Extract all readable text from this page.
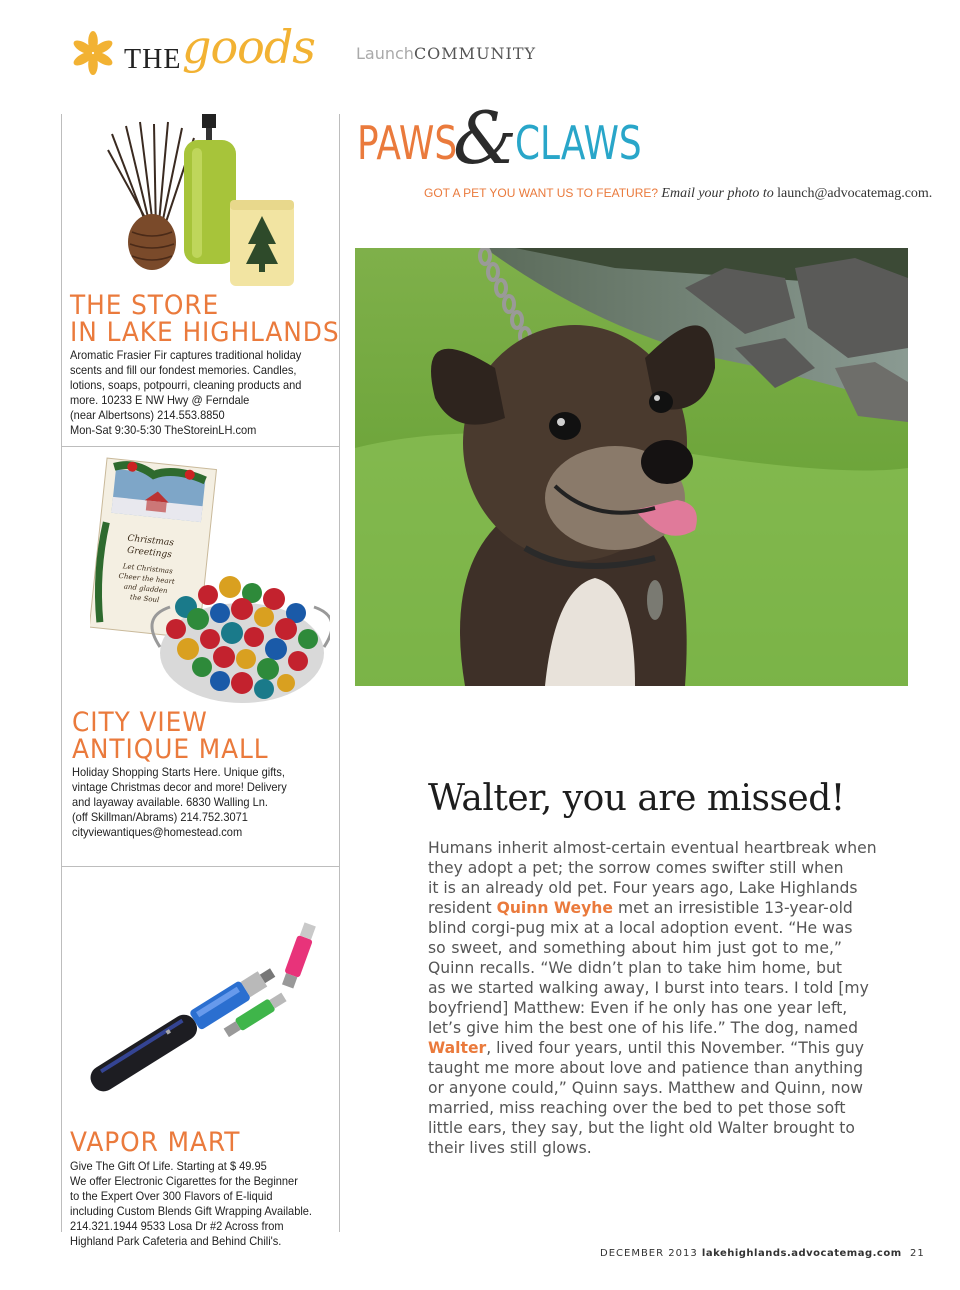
THE goods	LaunchCOMMUNITY
THE STORE
IN LAKE HIGHLANDS
Aromatic Frasier Fir captures traditional holiday
scents and fill our fondest memories. Candles,
lotions, soaps, potpourri, cleaning products and
more. 10233 E NW Hwy @ Ferndale
(near Albertsons) 214.553.8850
Mon-Sat 9:30-5:30 TheStoreinLH.com
Christmas
Greetings
Let Christmas
Cheer the heart
and gladden
the Soul
CITY VIEW
ANTIQUE MALL
Holiday Shopping Starts Here. Unique gifts,
vintage Christmas decor and more! Delivery
and layaway available. 6830 Walling Ln.
(off Skillman/Abrams) 214.752.3071
cityviewantiques@homestead.com
VAPOR MART
Give The Gift Of Life. Starting at $ 49.95
We offer Electronic Cigarettes for the Beginner
to the Expert Over 300 Flavors of E-liquid
including Custom Blends Gift Wrapping Available.
214.321.1944 9533 Losa Dr #2 Across from
Highland Park Cafeteria and Behind Chili's.
PAWS
&
CLAWS
GOT A PET YOU WANT US TO FEATURE? Email your photo to launch@advocatemag.com.
Walter, you are missed!
Humans inherit almost-certain eventual heartbreak when
they adopt a pet; the sorrow comes swifter still when
it is an already old pet. Four years ago, Lake Highlands
resident Quinn Weyhe met an irresistible 13-year-old
blind corgi-pug mix at a local adoption event. “He was
so sweet, and something about him just got to me,”
Quinn recalls. “We didn’t plan to take him home, but
as we started walking away, I burst into tears. I told [my
boyfriend] Matthew: Even if he only has one year left,
let’s give him the best one of his life.” The dog, named
Walter, lived four years, until this November. “This guy
taught me more about love and patience than anything
or anyone could,” Quinn says. Matthew and Quinn, now
married, miss reaching over the bed to pet those soft
little ears, they say, but the light old Walter brought to
their lives still glows.
DECEMBER 2013 lakehighlands.advocatemag.com 21
